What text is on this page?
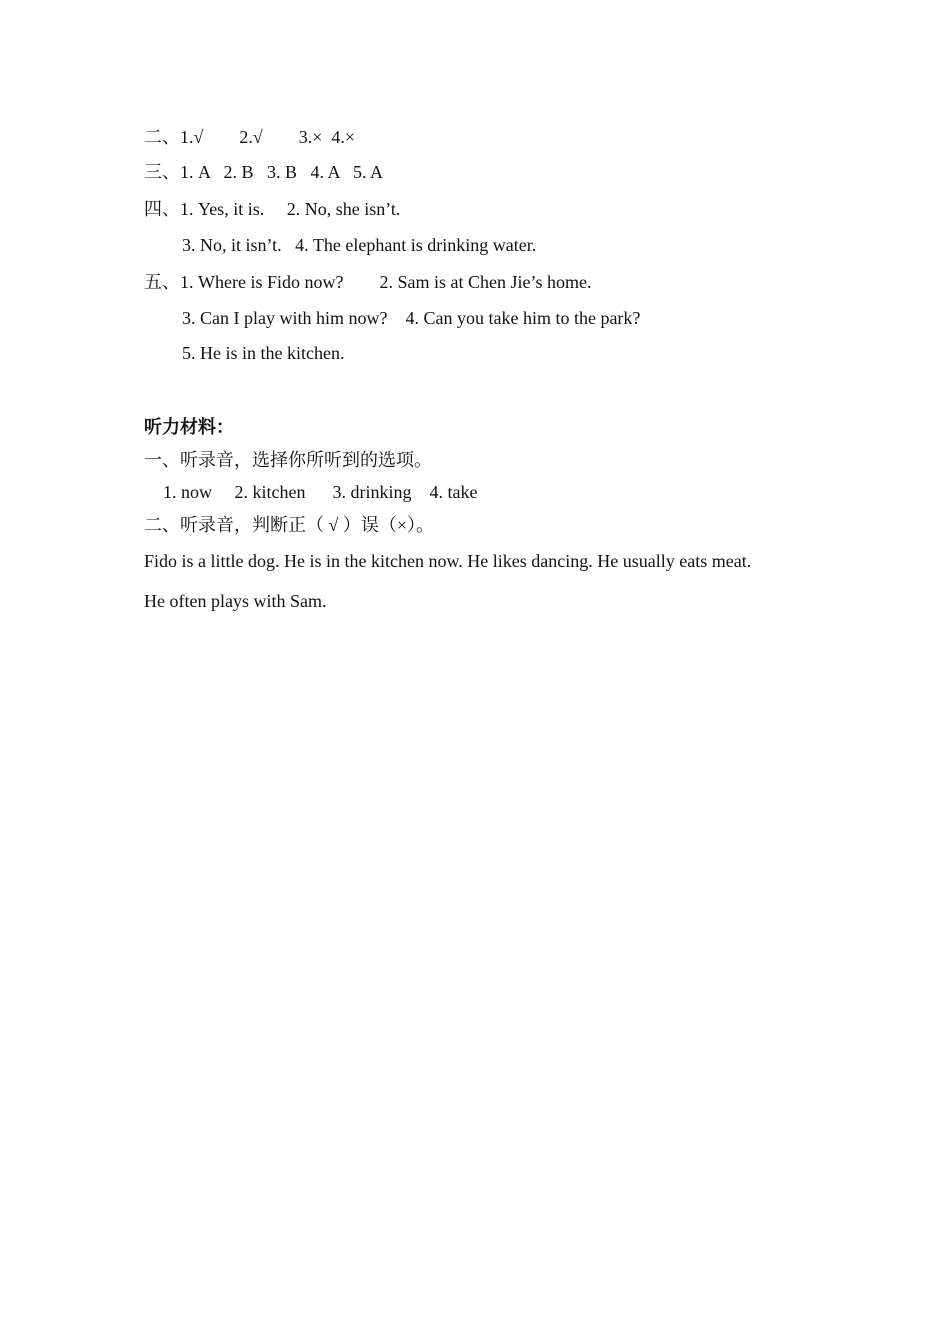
二、1.√　　2.√　　3.×  4.×

三、1. A   2. B   3. B   4. A   5. A

四、1. Yes, it is.     2. No, she isn’t.

3. No, it isn’t.   4. The elephant is drinking water.

五、1. Where is Fido now?        2. Sam is at Chen Jie’s home.

3. Can I play with him now?    4. Can you take him to the park?

5. He is in the kitchen.

听力材料：

一、听录音，选择你所听到的选项。

1. now     2. kitchen      3. drinking    4. take

二、听录音，判断正（ √ ）误（×）。

Fido is a little dog. He is in the kitchen now. He likes dancing. He usually eats meat.

He often plays with Sam.
